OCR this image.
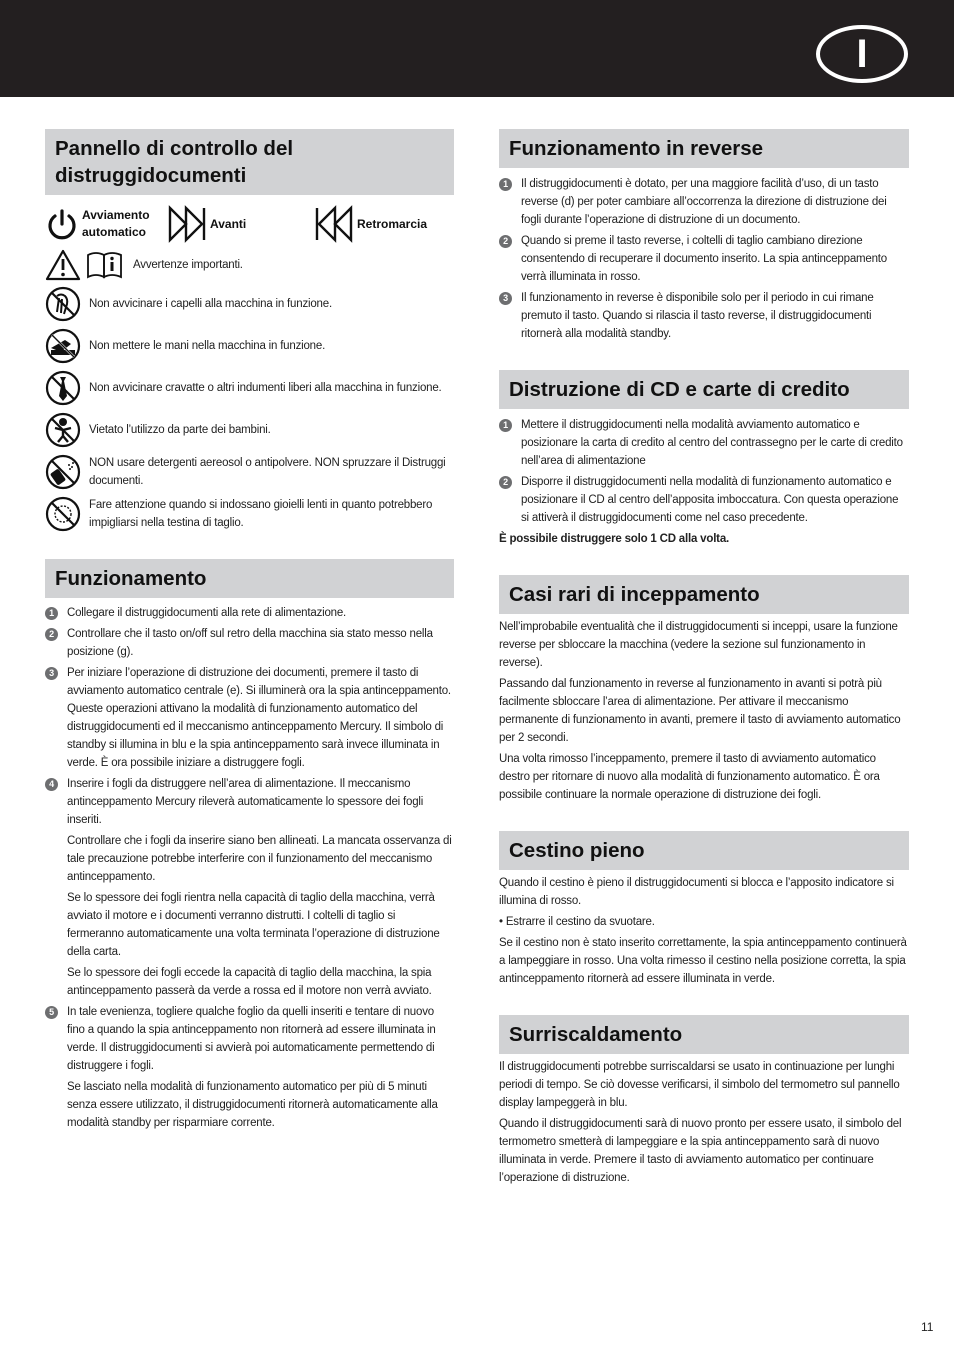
I
Pannello di controllo del distruggidocumenti
Avviamento automatico
Avanti	Retromarcia
Avvertenze importanti.
Non avvicinare i capelli alla macchina in funzione.
Non mettere le mani nella macchina in funzione.
Non avvicinare cravatte o altri indumenti liberi alla macchina in funzione.
Vietato l’utilizzo da parte dei bambini.
NON usare detergenti aereosol o antipolvere. NON spruzzare il Distruggi documenti.
Fare attenzione quando si indossano gioielli lenti in quanto potrebbero impigliarsi nella testina di taglio.
Funzionamento
1	Collegare il distruggidocumenti alla rete di alimentazione.
2	Controllare che il tasto on/off sul retro della macchina sia stato messo nella posizione (g).
3	Per iniziare l’operazione di distruzione dei documenti, premere il tasto di avviamento automatico centrale (e). Si illuminerà ora la spia antinceppamento. Queste operazioni attivano la modalità di funzionamento automatico del distruggidocumenti ed il meccanismo antinceppamento Mercury. Il simbolo di standby si illumina in blu e la spia antinceppamento sarà invece illuminata in verde. È ora possibile iniziare a distruggere fogli.
4	Inserire i fogli da distruggere nell’area di alimentazione. Il meccanismo antinceppamento Mercury rileverà automaticamente lo spessore dei fogli inseriti.
Controllare che i fogli da inserire siano ben allineati. La mancata osservanza di tale precauzione potrebbe interferire con il funzionamento del meccanismo antinceppamento.
Se lo spessore dei fogli rientra nella capacità di taglio della macchina, verrà avviato il motore e i documenti verranno distrutti. I coltelli di taglio si fermeranno automaticamente una volta terminata l’operazione di distruzione della carta.
Se lo spessore dei fogli eccede la capacità di taglio della macchina, la spia antinceppamento passerà da verde a rossa ed il motore non verrà avviato.
5	In tale evenienza, togliere qualche foglio da quelli inseriti e tentare di nuovo fino a quando la spia antinceppamento non ritornerà ad essere illuminata in verde. Il distruggidocumenti si avvierà poi automaticamente permettendo di distruggere i fogli.
Se lasciato nella modalità di funzionamento automatico per più di 5 minuti senza essere utilizzato, il distruggidocumenti ritornerà automaticamente alla modalità standby per risparmiare corrente.
Funzionamento in reverse
1	Il distruggidocumenti è dotato, per una maggiore facilità d’uso, di un tasto reverse (d) per poter cambiare all’occorrenza la direzione di distruzione dei fogli durante l’operazione di distruzione di un documento.
2	Quando si preme il tasto reverse, i coltelli di taglio cambiano direzione consentendo di recuperare il documento inserito. La spia antinceppamento verrà illuminata in rosso.
3	Il funzionamento in reverse è disponibile solo per il periodo in cui rimane premuto il tasto. Quando si rilascia il tasto reverse, il distruggidocumenti ritornerà alla modalità standby.
Distruzione di CD e carte di credito
1	Mettere il distruggidocumenti nella modalità avviamento automatico e posizionare la carta di credito al centro del contrassegno per le carte di credito nell’area di alimentazione
2	Disporre il distruggidocumenti nella modalità di funzionamento automatico e posizionare il CD al centro dell’apposita imboccatura. Con questa operazione si attiverà il distruggidocumenti come nel caso precedente.

È possibile distruggere solo 1 CD alla volta.

Casi rari di inceppamento

Nell’improbabile eventualità che il distruggidocumenti si inceppi, usare la funzione reverse per sbloccare la macchina (vedere la sezione sul funzionamento in reverse).

Passando dal funzionamento in reverse al funzionamento in avanti si potrà più facilmente sbloccare l’area di alimentazione. Per attivare il meccanismo permanente di funzionamento in avanti, premere il tasto di avviamento automatico per 2 secondi.

Una volta rimosso l’inceppamento, premere il tasto di avviamento automatico destro per ritornare di nuovo alla modalità di funzionamento automatico. È ora possibile continuare la normale operazione di distruzione dei fogli.

Cestino pieno

Quando il cestino è pieno il distruggidocumenti si blocca e l’apposito indicatore si illumina di rosso.

• Estrarre il cestino da svuotare.

Se il cestino non è stato inserito correttamente, la spia antinceppamento continuerà a lampeggiare in rosso. Una volta rimesso il cestino nella posizione corretta, la spia antinceppamento ritornerà ad essere illuminata in verde.

Surriscaldamento

Il distruggidocumenti potrebbe surriscaldarsi se usato in continuazione per lunghi periodi di tempo. Se ciò dovesse verificarsi, il simbolo del termometro sul pannello display lampeggerà in blu.

Quando il distruggidocumenti sarà di nuovo pronto per essere usato, il simbolo del termometro smetterà di lampeggiare e la spia antinceppamento sarà di nuovo illuminata in verde. Premere il tasto di avviamento automatico per continuare l’operazione di distruzione.

11
